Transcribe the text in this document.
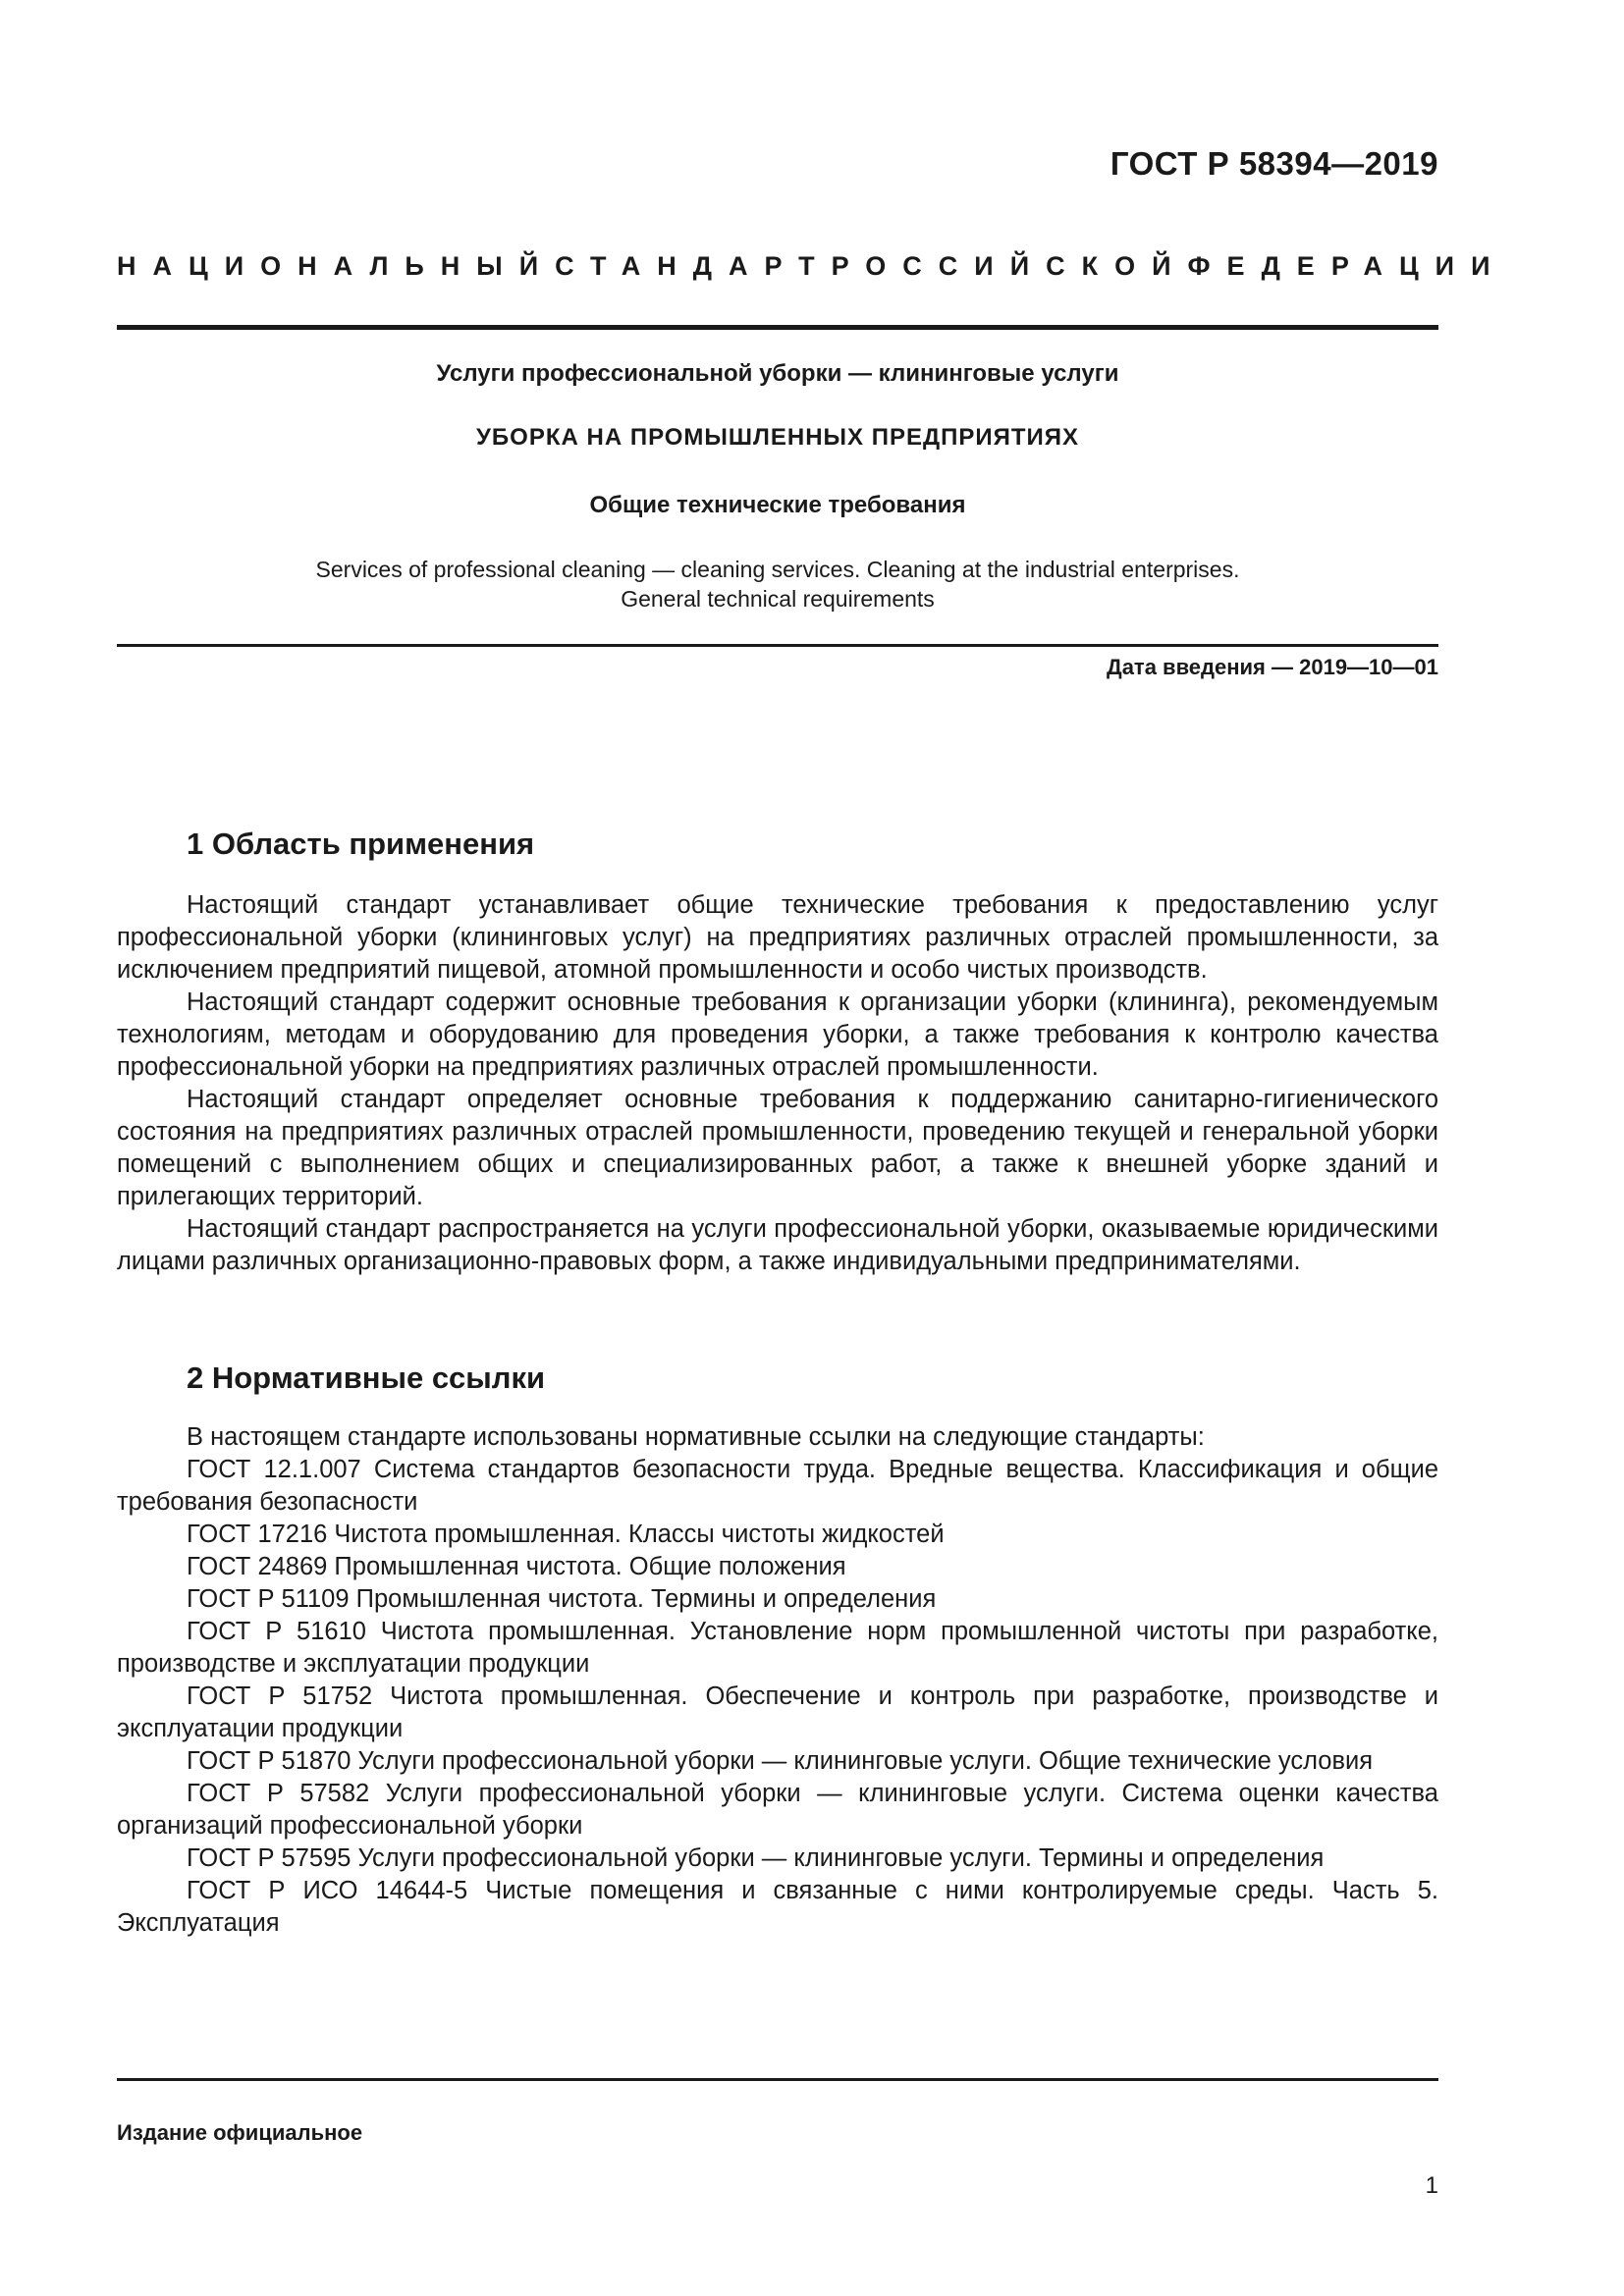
ГОСТ Р 58394—2019
НАЦИОНАЛЬНЫЙ СТАНДАРТ РОССИЙСКОЙ ФЕДЕРАЦИИ
Услуги профессиональной уборки — клининговые услуги
УБОРКА НА ПРОМЫШЛЕННЫХ ПРЕДПРИЯТИЯХ
Общие технические требования
Services of professional cleaning — cleaning services. Cleaning at the industrial enterprises.
General technical requirements
Дата введения — 2019—10—01
1 Область применения

Настоящий стандарт устанавливает общие технические требования к предоставлению услуг профессиональной уборки (клининговых услуг) на предприятиях различных отраслей промышленности, за исключением предприятий пищевой, атомной промышленности и особо чистых производств.

Настоящий стандарт содержит основные требования к организации уборки (клининга), рекомендуемым технологиям, методам и оборудованию для проведения уборки, а также требования к контролю качества профессиональной уборки на предприятиях различных отраслей промышленности.

Настоящий стандарт определяет основные требования к поддержанию санитарно-гигиенического состояния на предприятиях различных отраслей промышленности, проведению текущей и генеральной уборки помещений с выполнением общих и специализированных работ, а также к внешней уборке зданий и прилегающих территорий.

Настоящий стандарт распространяется на услуги профессиональной уборки, оказываемые юридическими лицами различных организационно-правовых форм, а также индивидуальными предпринимателями.

2 Нормативные ссылки

В настоящем стандарте использованы нормативные ссылки на следующие стандарты:

ГОСТ 12.1.007 Система стандартов безопасности труда. Вредные вещества. Классификация и общие требования безопасности

ГОСТ 17216 Чистота промышленная. Классы чистоты жидкостей

ГОСТ 24869 Промышленная чистота. Общие положения

ГОСТ Р 51109 Промышленная чистота. Термины и определения

ГОСТ Р 51610 Чистота промышленная. Установление норм промышленной чистоты при разработке, производстве и эксплуатации продукции

ГОСТ Р 51752 Чистота промышленная. Обеспечение и контроль при разработке, производстве и эксплуатации продукции

ГОСТ Р 51870 Услуги профессиональной уборки — клининговые услуги. Общие технические условия

ГОСТ Р 57582 Услуги профессиональной уборки — клининговые услуги. Система оценки качества организаций профессиональной уборки

ГОСТ Р 57595 Услуги профессиональной уборки — клининговые услуги. Термины и определения

ГОСТ Р ИСО 14644-5 Чистые помещения и связанные с ними контролируемые среды. Часть 5. Эксплуатация

Издание официальное
1
